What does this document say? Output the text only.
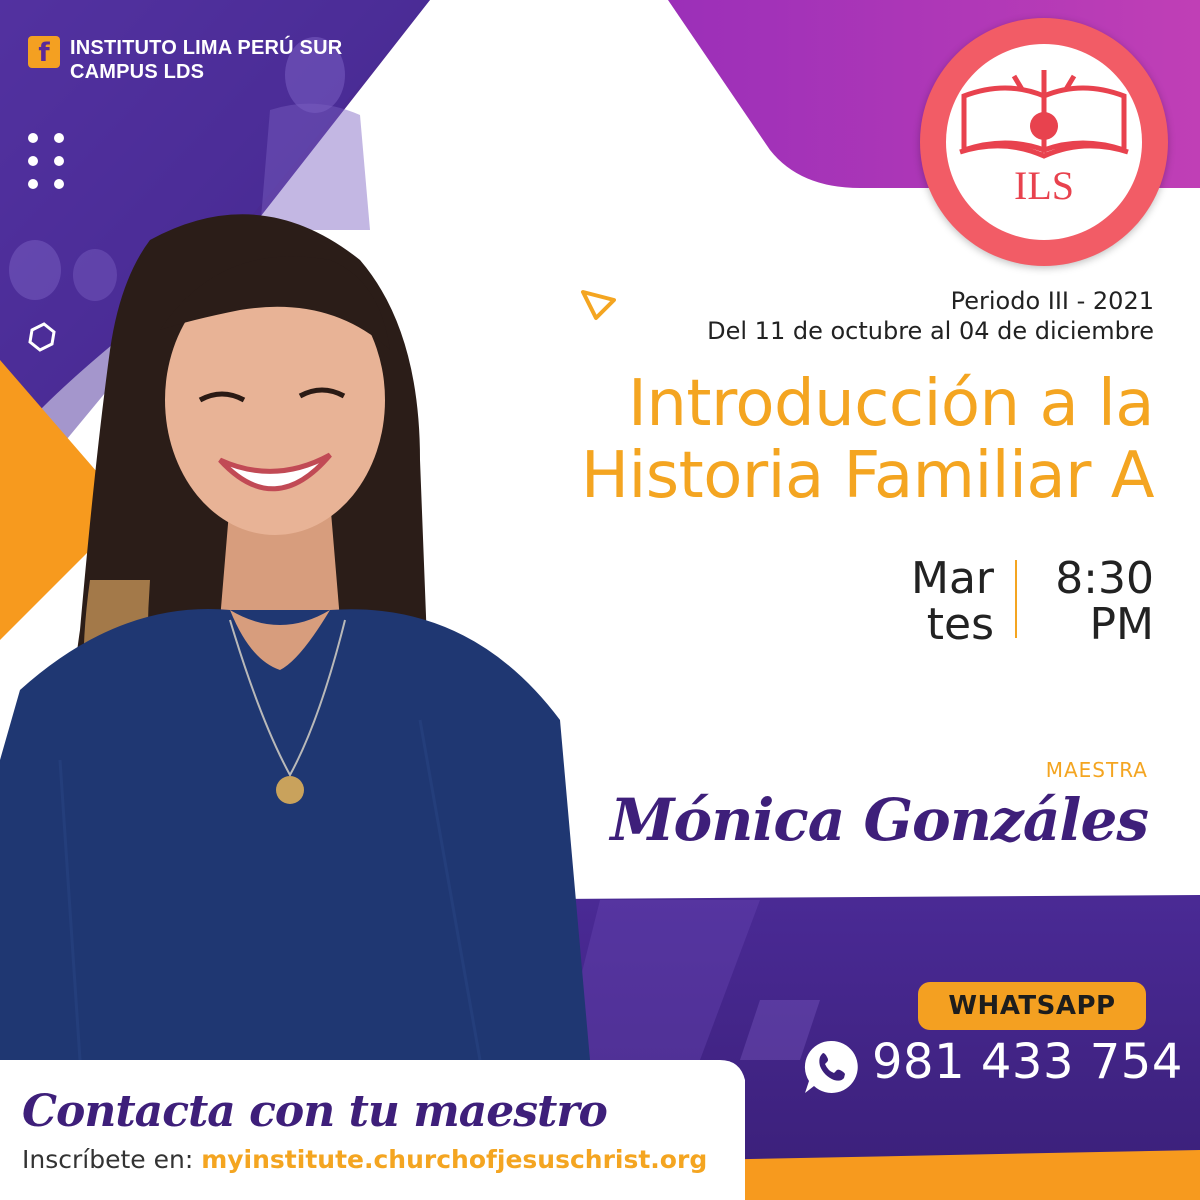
f	INSTITUTO LIMA PERÚ SUR
CAMPUS LDS
ILS
Periodo III - 2021
Del 11 de octubre al 04 de diciembre
Introducción a la
Historia Familiar A
Mar
tes
8:30
PM
MAESTRA
Mónica Gonzáles
WHATSAPP
981 433 754
Contacta con tu maestro
Inscríbete en: myinstitute.churchofjesuschrist.org
